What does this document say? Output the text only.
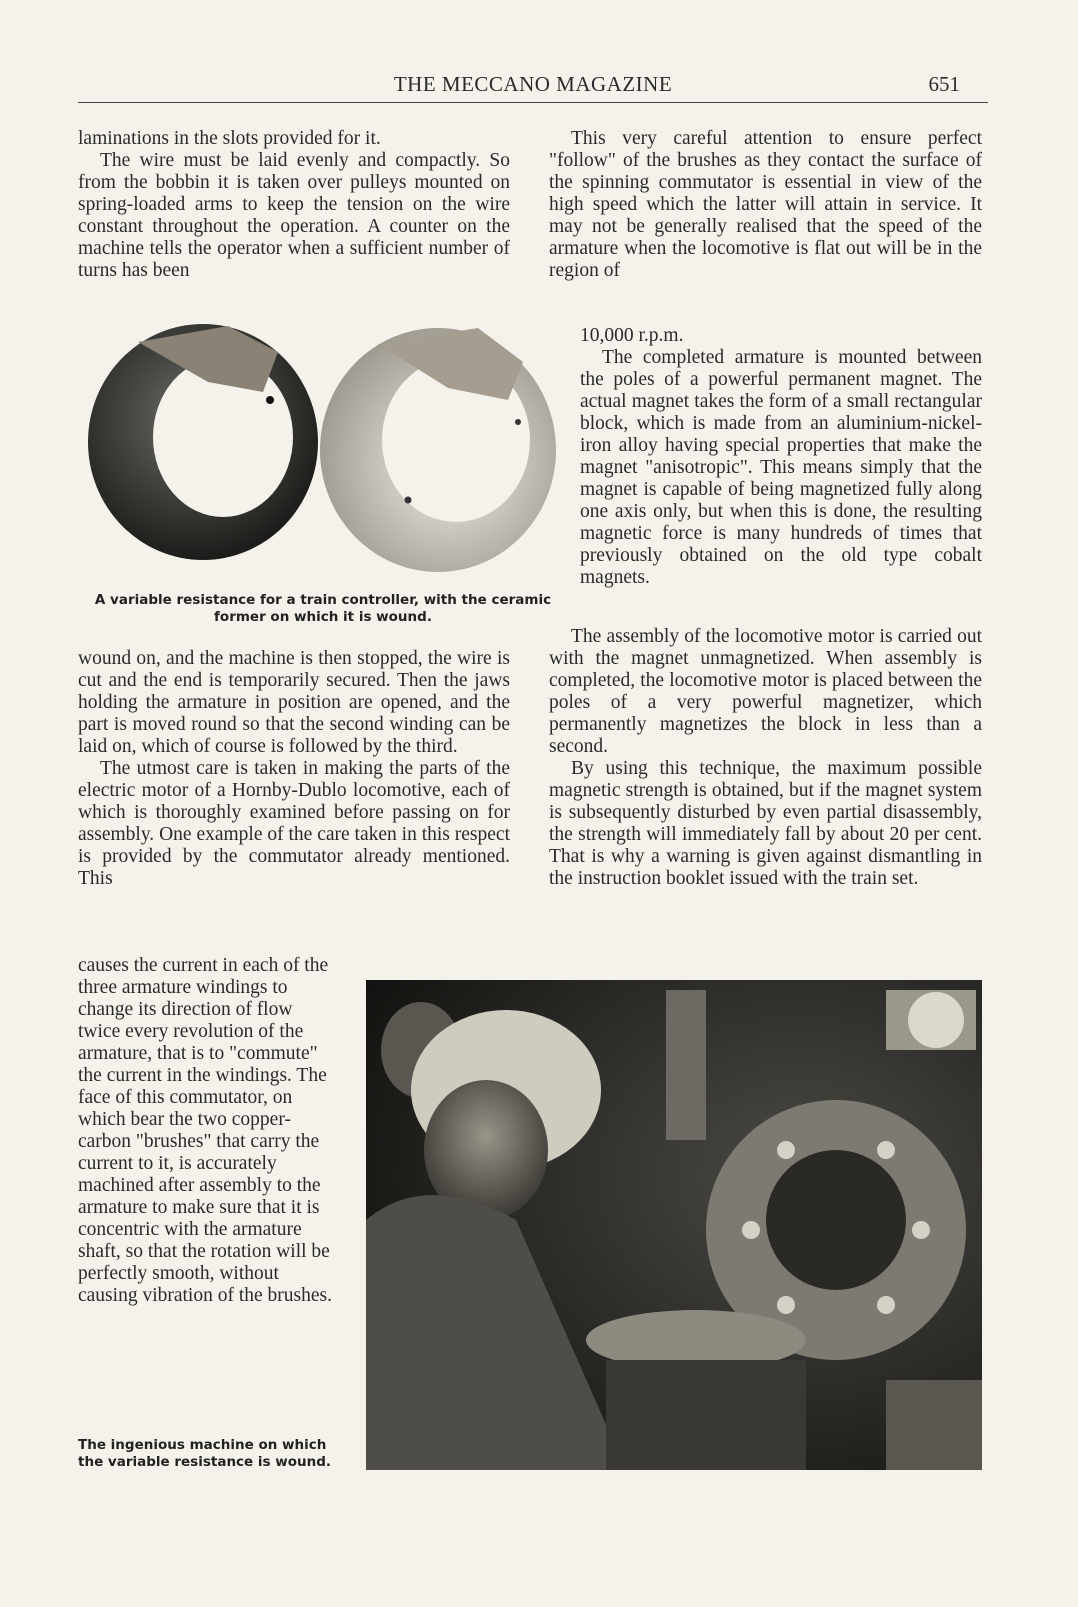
THE MECCANO MAGAZINE	651

laminations in the slots provided for it.

The wire must be laid evenly and compactly. So from the bobbin it is taken over pulleys mounted on spring-loaded arms to keep the tension on the wire constant throughout the operation. A counter on the machine tells the operator when a sufficient number of turns has been

A variable resistance for a train controller, with the ceramic former on which it is wound.

wound on, and the machine is then stopped, the wire is cut and the end is temporarily secured. Then the jaws holding the armature in position are opened, and the part is moved round so that the second winding can be laid on, which of course is followed by the third.

The utmost care is taken in making the parts of the electric motor of a Hornby-Dublo locomotive, each of which is thoroughly examined before passing on for assembly. One example of the care taken in this respect is provided by the commutator already mentioned. This

causes the current in each of the three armature windings to change its direction of flow twice every revolution of the armature, that is to "commute" the current in the windings. The face of this commutator, on which bear the two copper-carbon "brushes" that carry the current to it, is accurately machined after assembly to the armature to make sure that it is concentric with the armature shaft, so that the rotation will be perfectly smooth, without causing vibration of the brushes.

The ingenious machine on which the variable resistance is wound.

This very careful attention to ensure perfect "follow" of the brushes as they contact the surface of the spinning commutator is essential in view of the high speed which the latter will attain in service. It may not be generally realised that the speed of the armature when the locomotive is flat out will be in the region of

10,000 r.p.m.

The completed armature is mounted between the poles of a powerful permanent magnet. The actual magnet takes the form of a small rectangular block, which is made from an aluminium-nickel-iron alloy having special properties that make the magnet "anisotropic". This means simply that the magnet is capable of being magnetized fully along one axis only, but when this is done, the resulting magnetic force is many hundreds of times that previously obtained on the old type cobalt magnets.

The assembly of the locomotive motor is carried out with the magnet unmagnetized. When assembly is completed, the locomotive motor is placed between the poles of a very powerful magnetizer, which permanently magnetizes the block in less than a second.

By using this technique, the maximum possible magnetic strength is obtained, but if the magnet system is subsequently disturbed by even partial disassembly, the strength will immediately fall by about 20 per cent. That is why a warning is given against dismantling in the instruction booklet issued with the train set.
